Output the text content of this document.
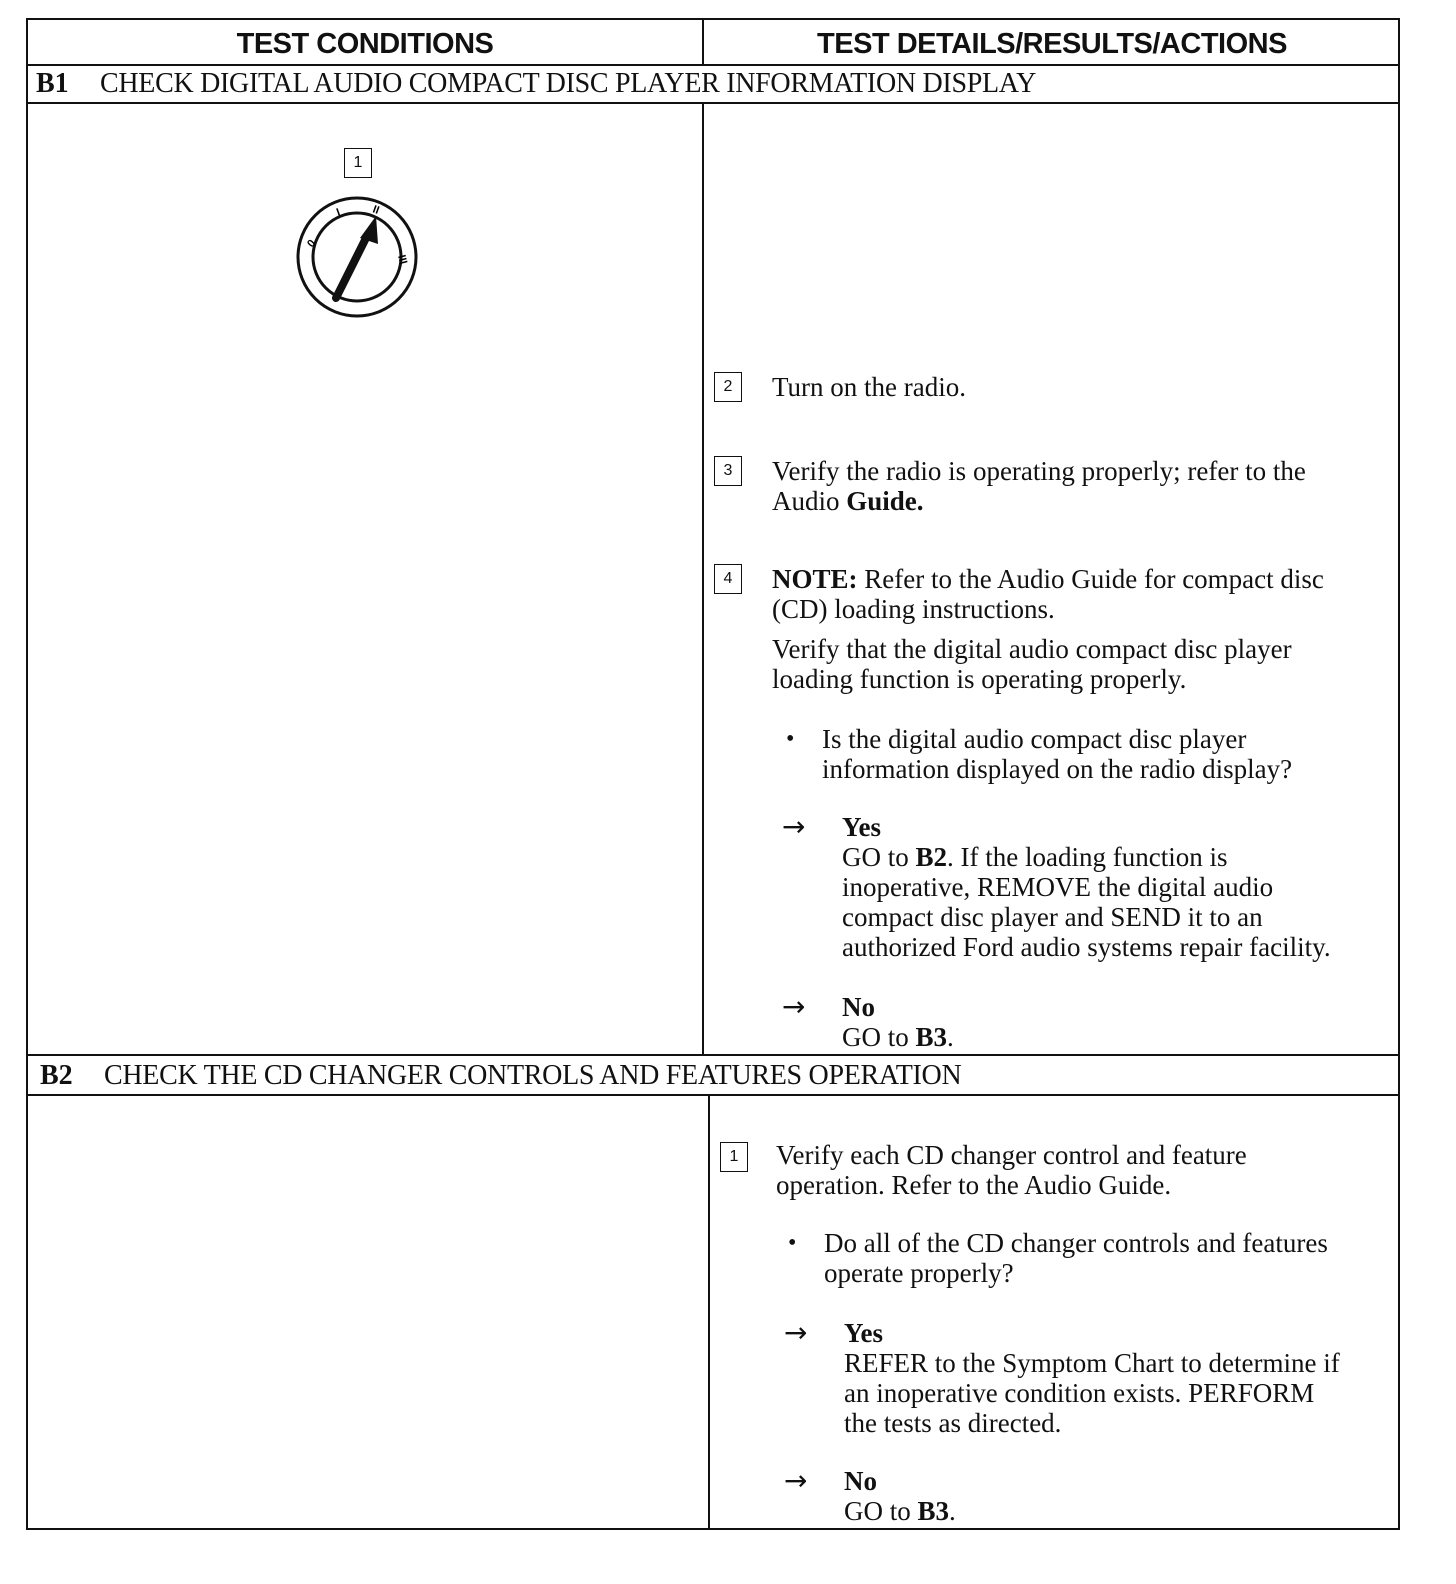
TEST CONDITIONS	TEST DETAILS/RESULTS/ACTIONS
B1 CHECK DIGITAL AUDIO COMPACT DISC PLAYER INFORMATION DISPLAY
1
0
I	II
III
2	Turn on the radio.
3	Verify the radio is operating properly; refer to the
Audio Guide.
4	NOTE: Refer to the Audio Guide for compact disc
(CD) loading instructions.
Verify that the digital audio compact disc player
loading function is operating properly.
• Is the digital audio compact disc player
information displayed on the radio display?
→ Yes
GO to B2. If the loading function is
inoperative, REMOVE the digital audio
compact disc player and SEND it to an
authorized Ford audio systems repair facility.
→ No
GO to B3.
B2 CHECK THE CD CHANGER CONTROLS AND FEATURES OPERATION
1	Verify each CD changer control and feature
operation. Refer to the Audio Guide.
• Do all of the CD changer controls and features
operate properly?
→ Yes
REFER to the Symptom Chart to determine if
an inoperative condition exists. PERFORM
the tests as directed.
→ No
GO to B3.
